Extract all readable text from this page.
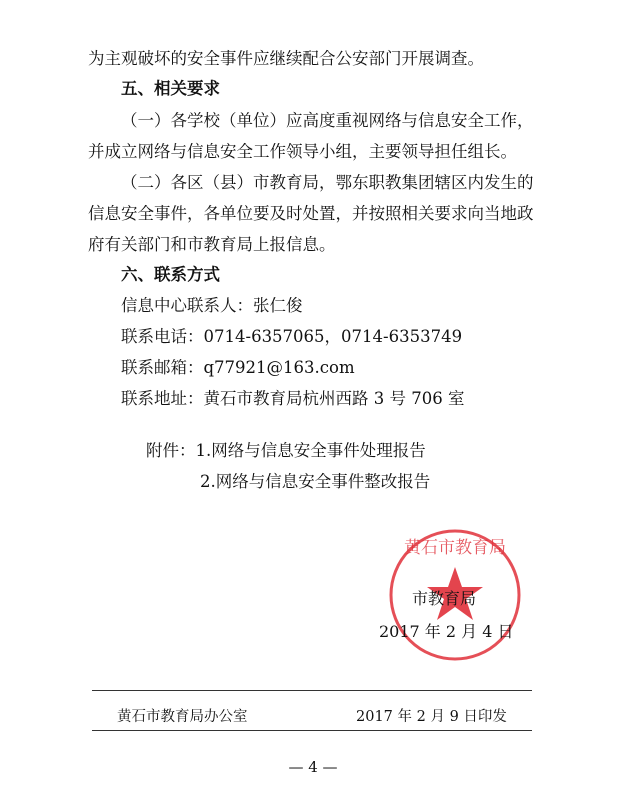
为主观破坏的安全事件应继续配合公安部门开展调查。
五、相关要求
（一）各学校（单位）应高度重视网络与信息安全工作，
并成立网络与信息安全工作领导小组，主要领导担任组长。
（二）各区（县）市教育局，鄂东职教集团辖区内发生的
信息安全事件，各单位要及时处置，并按照相关要求向当地政
府有关部门和市教育局上报信息。
六、联系方式
信息中心联系人：张仁俊
联系电话：0714-6357065，0714-6353749
联系邮箱：q77921@163.com
联系地址：黄石市教育局杭州西路 3 号 706 室
附件：1.网络与信息安全事件处理报告
2.网络与信息安全事件整改报告
黄石市教育局
市教育局
2017 年 2 月 4 日
黄石市教育局办公室	2017 年 2 月 9 日印发
— 4 —
